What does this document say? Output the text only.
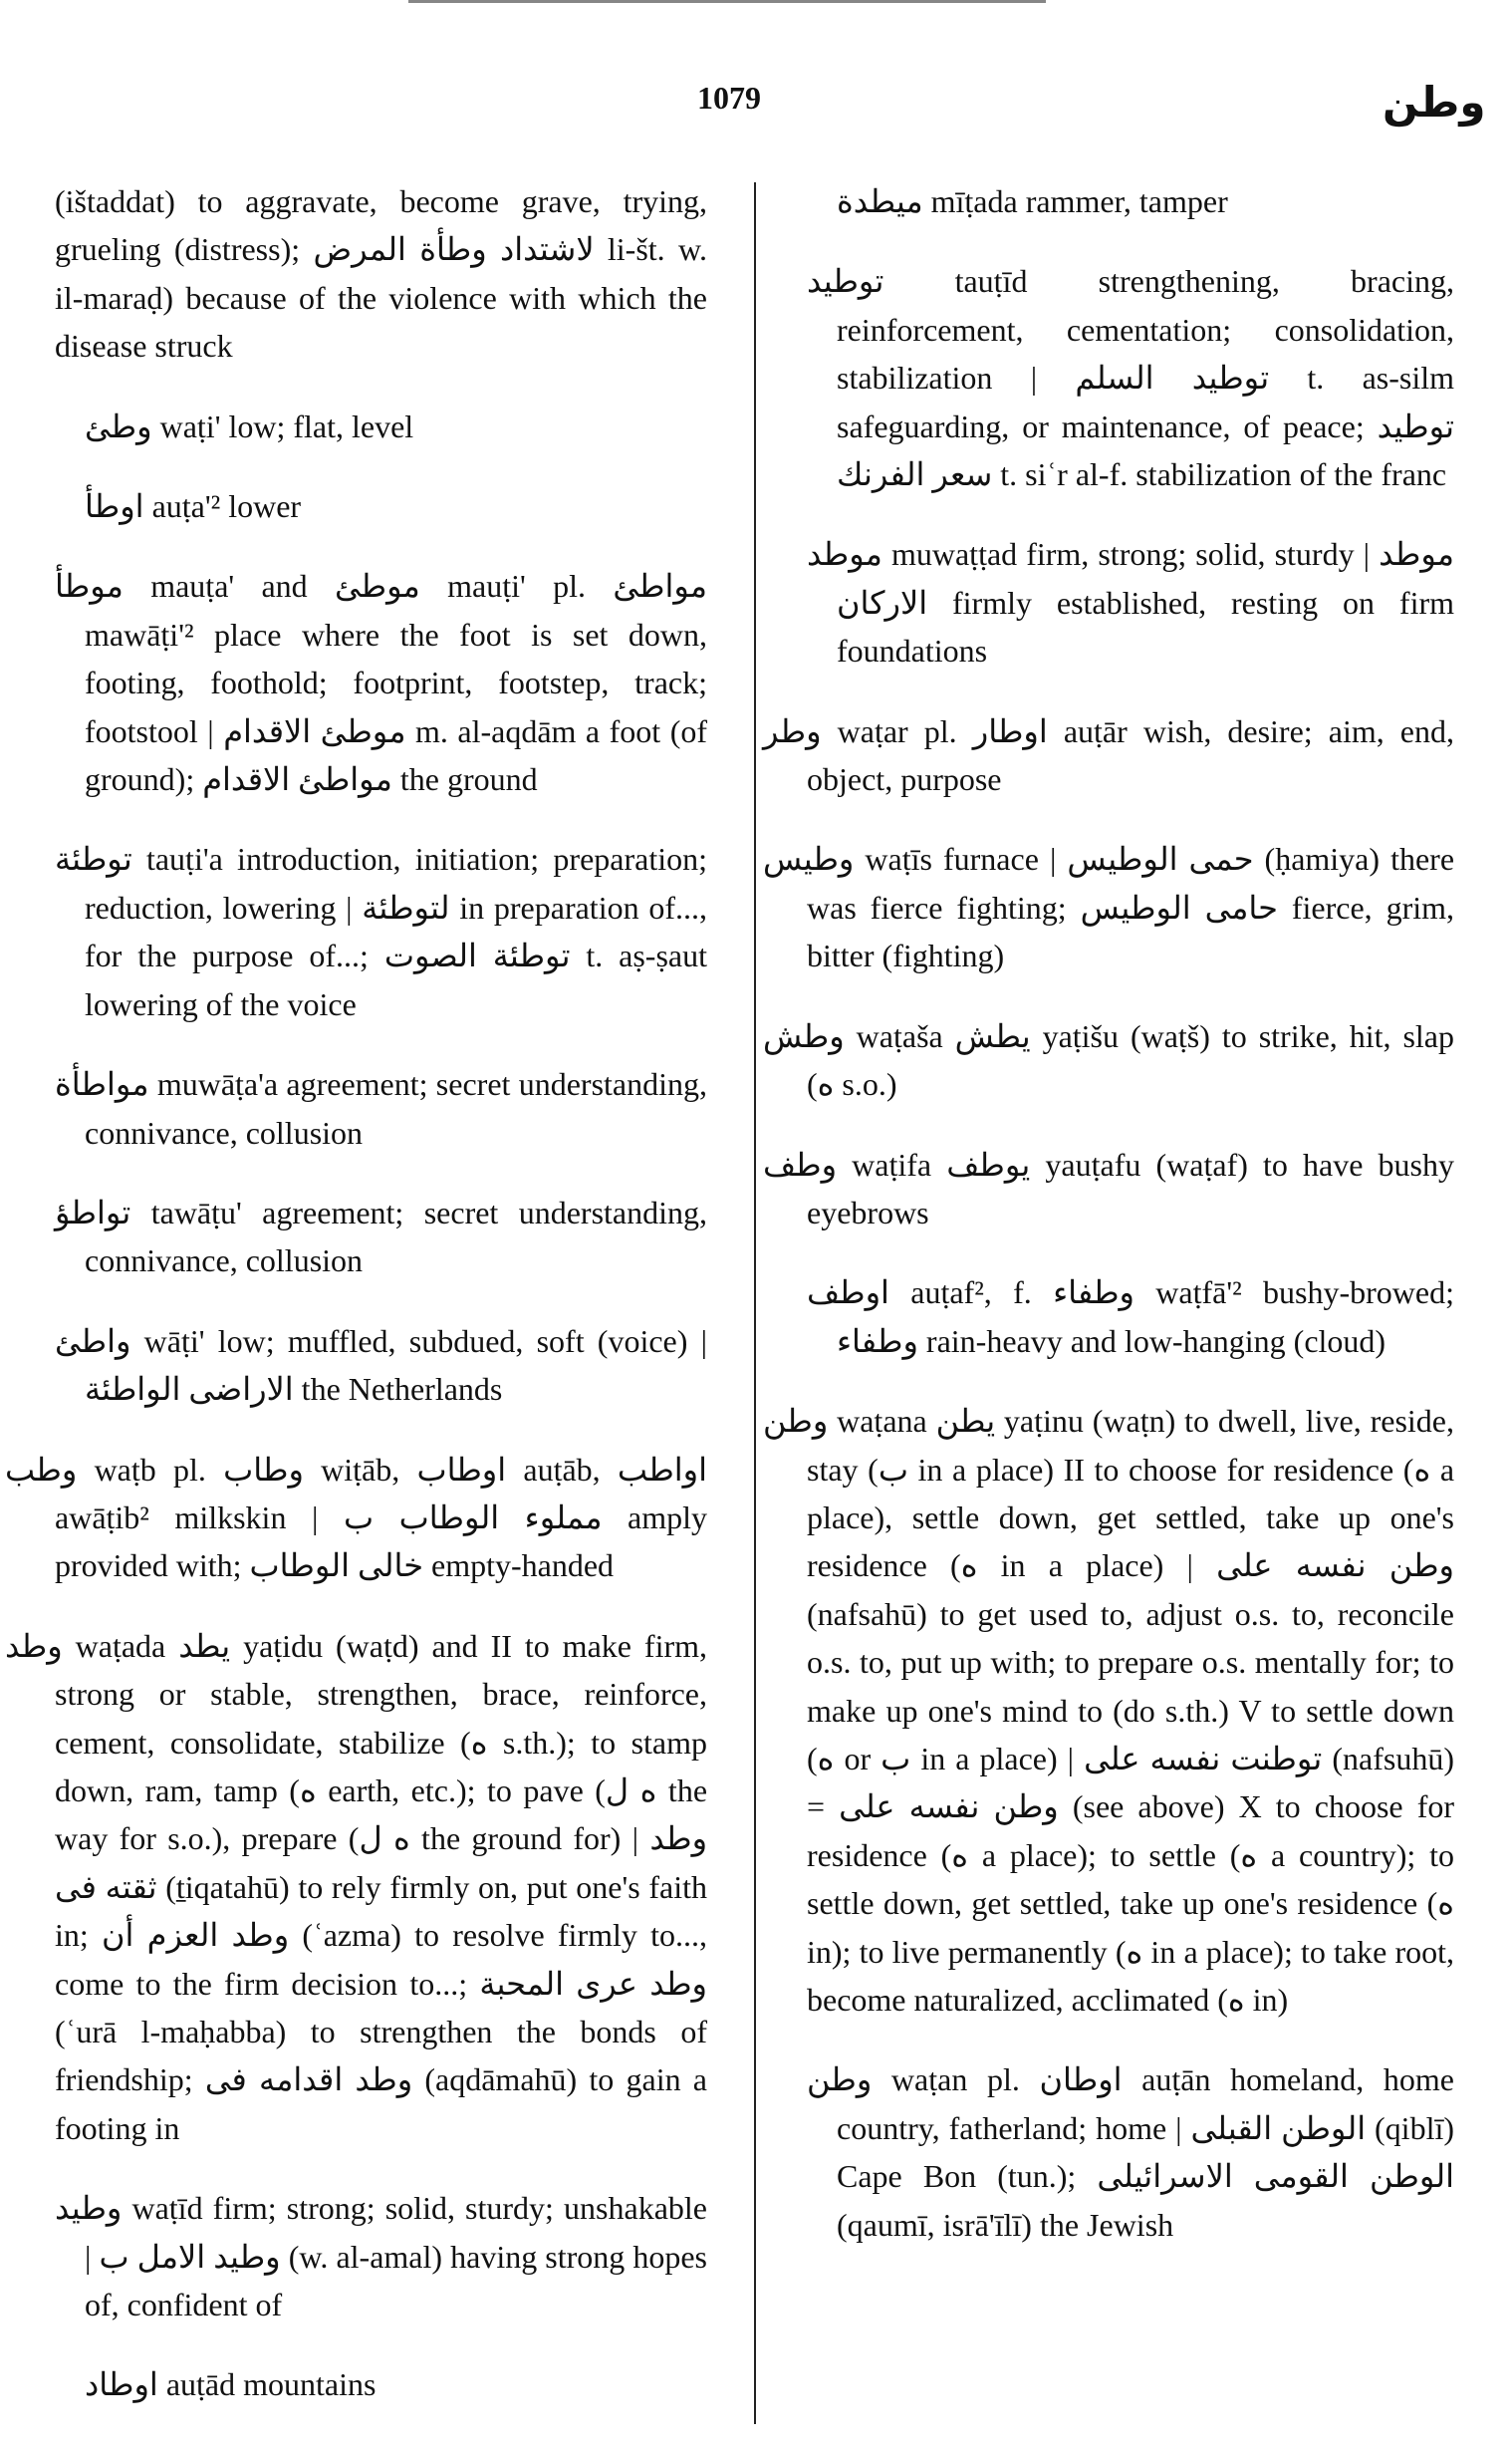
1079	وطن

(ištaddat) to aggravate, become grave, trying, grueling (distress); لاشتداد وطأة المرض li-št. w. il-maraḍ) because of the violence with which the disease struck

وطئ waṭi' low; flat, level

اوطأ auṭa'² lower

موطأ mauṭa' and موطئ mauṭi' pl. مواطئ mawāṭi'² place where the foot is set down, footing, foothold; footprint, footstep, track; footstool | موطئ الاقدام m. al-aqdām a foot (of ground); مواطئ الاقدام the ground

توطئة tauṭi'a introduction, initiation; preparation; reduction, lowering | لتوطئة in preparation of..., for the purpose of...; توطئة الصوت t. aṣ-ṣaut lowering of the voice

مواطأة muwāṭa'a agreement; secret understanding, connivance, collusion

تواطؤ tawāṭu' agreement; secret understanding, connivance, collusion

واطئ wāṭi' low; muffled, subdued, soft (voice) | الاراضى الواطئة the Netherlands

وطب waṭb pl. وطاب wiṭāb, اوطاب auṭāb, اواطب awāṭib² milkskin | مملوء الوطاب ب amply provided with; خالى الوطاب empty-handed

وطد waṭada يطد yaṭidu (waṭd) and II to make firm, strong or stable, strengthen, brace, reinforce, cement, consolidate, stabilize (ه s.th.); to stamp down, ram, tamp (ه earth, etc.); to pave (ه ل the way for s.o.), prepare (ه ل the ground for) | وطد ثقته فى (ṯiqatahū) to rely firmly on, put one's faith in; وطد العزم أن (ʿazma) to resolve firmly to..., come to the firm decision to...; وطد عرى المحبة (ʿurā l-maḥabba) to strengthen the bonds of friendship; وطد اقدامه فى (aqdāmahū) to gain a footing in

وطيد waṭīd firm; strong; solid, sturdy; unshakable | وطيد الامل ب (w. al-amal) having strong hopes of, confident of

اوطاد auṭād mountains

ميطدة mīṭada rammer, tamper

توطيد tauṭīd strengthening, bracing, reinforcement, cementation; consolidation, stabilization | توطيد السلم t. as-silm safeguarding, or maintenance, of peace; توطيد سعر الفرنك t. siʿr al-f. stabilization of the franc

موطد muwaṭṭad firm, strong; solid, sturdy | موطد الاركان firmly established, resting on firm foundations

وطر waṭar pl. اوطار auṭār wish, desire; aim, end, object, purpose

وطيس waṭīs furnace | حمى الوطيس (ḥamiya) there was fierce fighting; حامى الوطيس fierce, grim, bitter (fighting)

وطش waṭaša يطش yaṭišu (waṭš) to strike, hit, slap (ه s.o.)

وطف waṭifa يوطف yauṭafu (waṭaf) to have bushy eyebrows

اوطف auṭaf², f. وطفاء waṭfā'² bushy-browed; وطفاء rain-heavy and low-hanging (cloud)

وطن waṭana يطن yaṭinu (waṭn) to dwell, live, reside, stay (ب in a place) II to choose for residence (ه a place), settle down, get settled, take up one's residence (ه in a place) | وطن نفسه على (nafsahū) to get used to, adjust o.s. to, reconcile o.s. to, put up with; to prepare o.s. mentally for; to make up one's mind to (do s.th.) V to settle down (ه or ب in a place) | توطنت نفسه على (nafsuhū) = وطن نفسه على (see above) X to choose for residence (ه a place); to settle (ه a country); to settle down, get settled, take up one's residence (ه in); to live permanently (ه in a place); to take root, become naturalized, acclimated (ه in)

وطن waṭan pl. اوطان auṭān homeland, home country, fatherland; home | الوطن القبلى (qiblī) Cape Bon (tun.); الوطن القومى الاسرائيلى (qaumī, isrā'īlī) the Jewish
